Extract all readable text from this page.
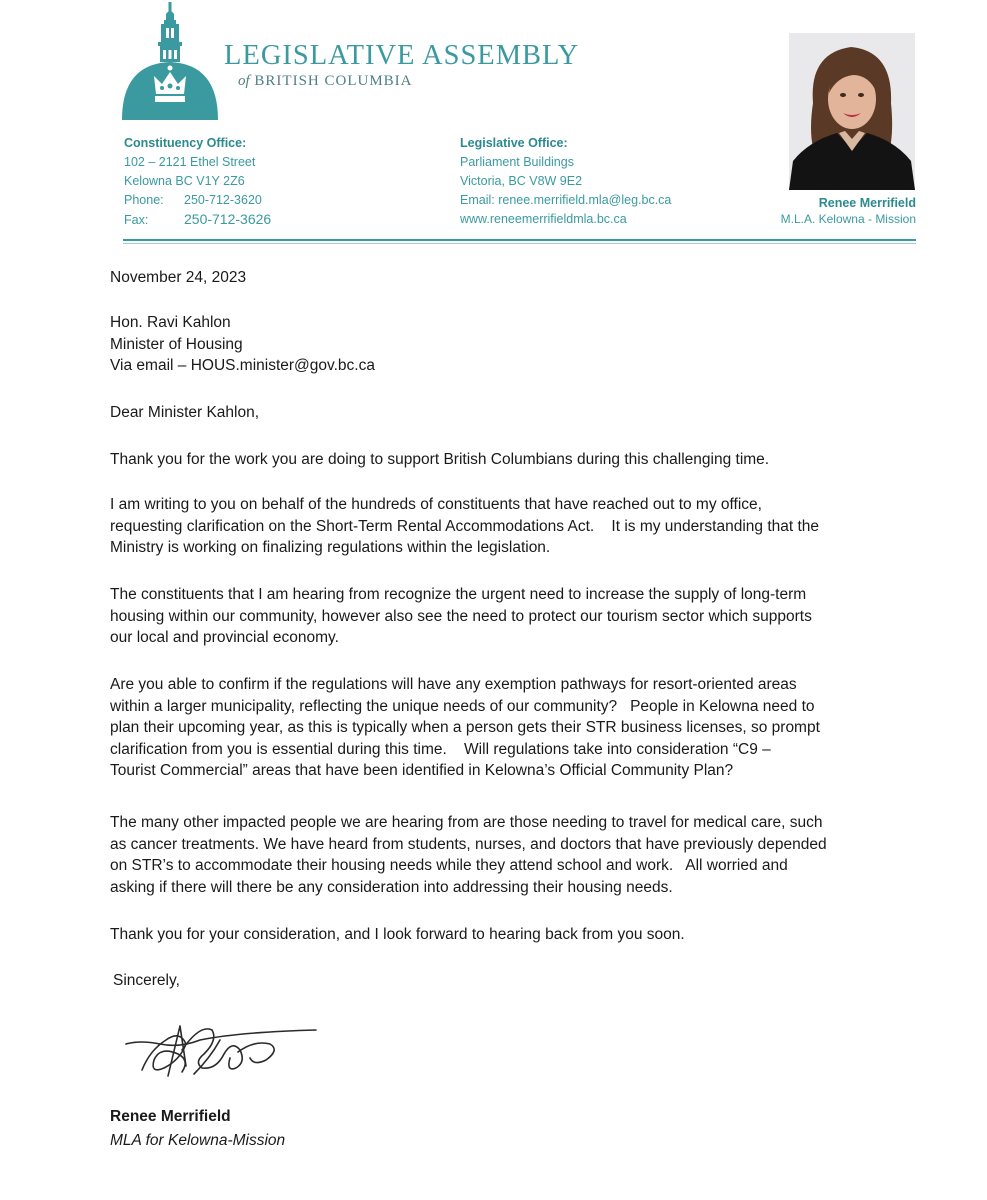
LEGISLATIVE ASSEMBLY
of BRITISH COLUMBIA
Constituency Office:
102 – 2121 Ethel Street
Kelowna BC V1Y 2Z6
Phone: 250-712-3620
Fax:	250-712-3626
Legislative Office:
Parliament Buildings
Victoria, BC V8W 9E2
Email: renee.merrifield.mla@leg.bc.ca
www.reneemerrifieldmla.bc.ca
Renee Merrifield
M.L.A. Kelowna - Mission

November 24, 2023

Hon. Ravi Kahlon
Minister of Housing
Via email – HOUS.minister@gov.bc.ca

Dear Minister Kahlon,

Thank you for the work you are doing to support British Columbians during this challenging time.

I am writing to you on behalf of the hundreds of constituents that have reached out to my office,
requesting clarification on the Short-Term Rental Accommodations Act.    It is my understanding that the
Ministry is working on finalizing regulations within the legislation.
The constituents that I am hearing from recognize the urgent need to increase the supply of long-term
housing within our community, however also see the need to protect our tourism sector which supports
our local and provincial economy.
Are you able to confirm if the regulations will have any exemption pathways for resort-oriented areas
within a larger municipality, reflecting the unique needs of our community?   People in Kelowna need to
plan their upcoming year, as this is typically when a person gets their STR business licenses, so prompt
clarification from you is essential during this time.    Will regulations take into consideration “C9 –
Tourist Commercial” areas that have been identified in Kelowna’s Official Community Plan?
The many other impacted people we are hearing from are those needing to travel for medical care, such
as cancer treatments. We have heard from students, nurses, and doctors that have previously depended
on STR’s to accommodate their housing needs while they attend school and work.   All worried and
asking if there will there be any consideration into addressing their housing needs.

Thank you for your consideration, and I look forward to hearing back from you soon.

Sincerely,

Renee Merrifield

MLA for Kelowna-Mission
